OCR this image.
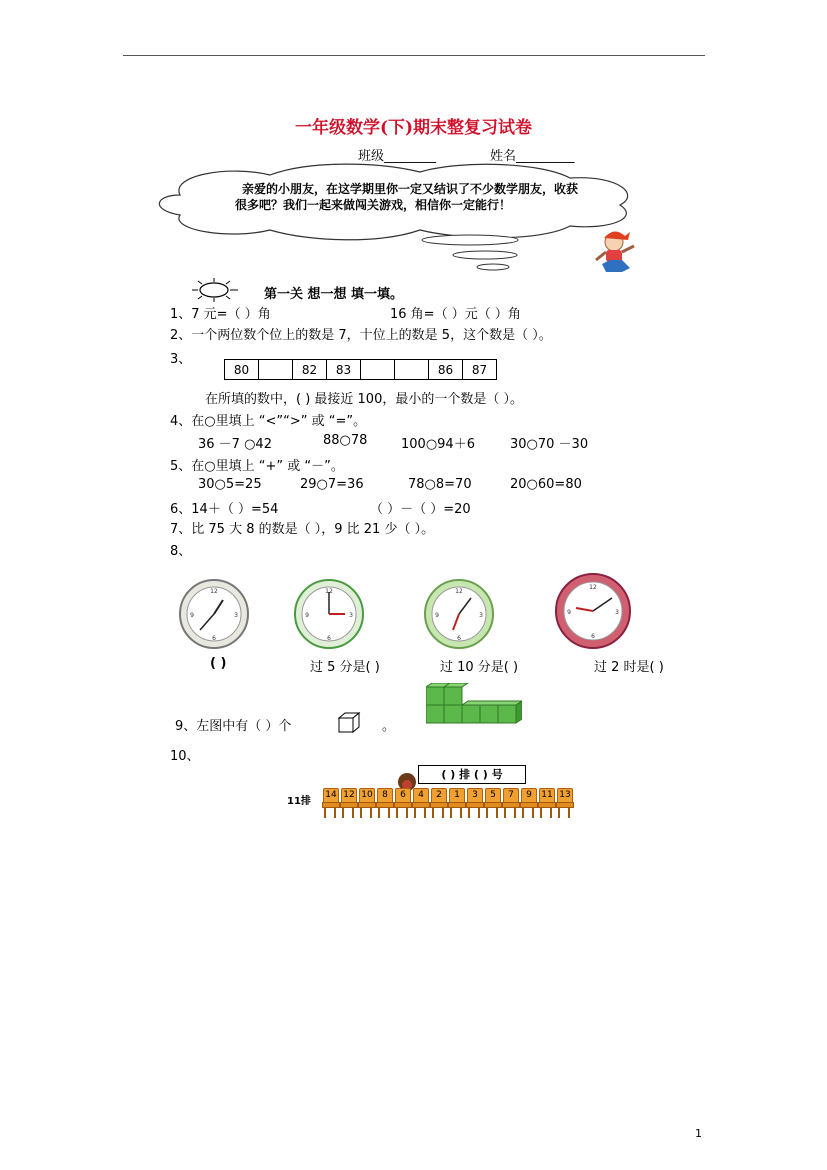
一年级数学(下)期末整复习试卷
班级________	姓名_________
亲爱的小朋友，在这学期里你一定又结识了不少数学朋友，收获
很多吧？我们一起来做闯关游戏，相信你一定能行！
第一关 想一想 填一填。
1、7 元=（ ）角	16 角=（ ）元（ ）角
2、一个两位数个位上的数是 7，十位上的数是 5，这个数是（ ）。
3、
80		82	83			86	87
在所填的数中，( ) 最接近 100，最小的一个数是（ ）。
4、在○里填上 “<”“>” 或 “=”。
36 －7 ○42	88○78	100○94＋6	30○70 －30
5、在○里填上 “+” 或 “－”。
30○5=25	29○7=36	78○8=70	20○60=80
6、14＋（ ）=54	（ ）－（ ）=20
7、比 75 大 8 的数是（ ），9 比 21 少（ ）。
8、
12
3
6
9
12
3
6
9
12
3
6
9
12
3
6
9
( )	过 5 分是( )	过 10 分是( )	过 2 时是( )
9、左图中有（ ）个	。
10、
( ) 排 ( ) 号
11排
14 12 10	8	6	4	2	1	3	5	7	9	11 13
1
